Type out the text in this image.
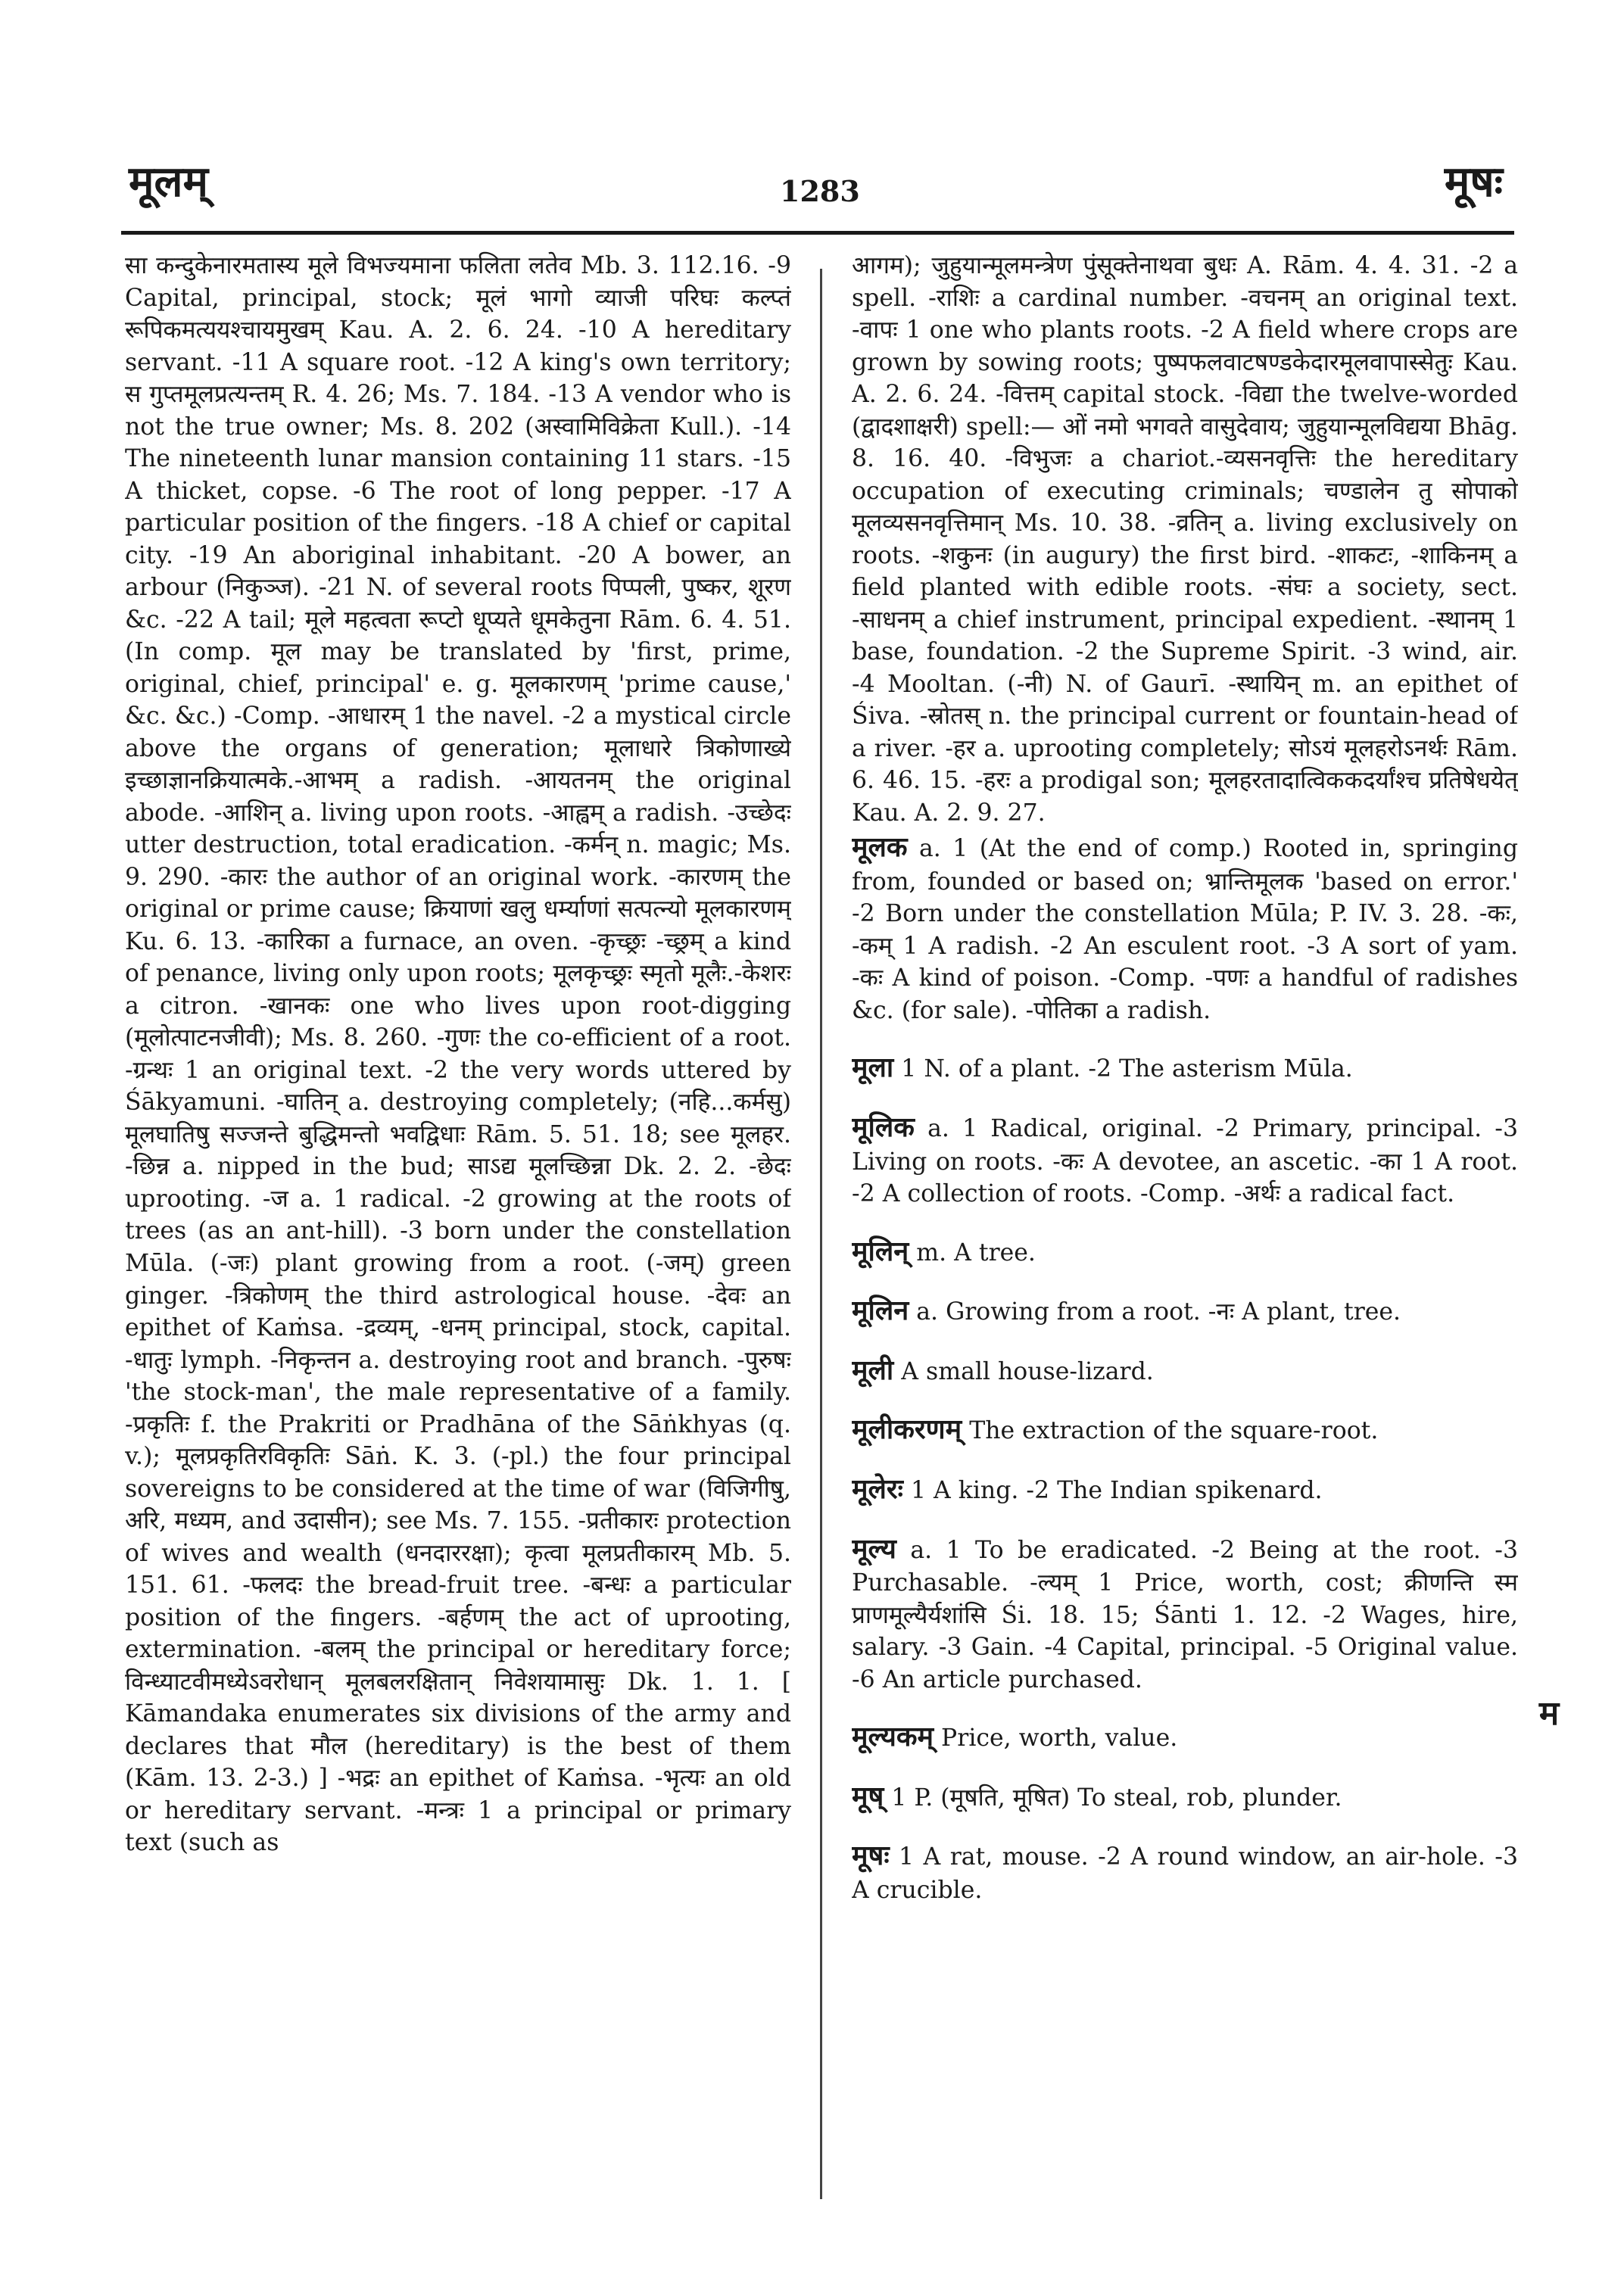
मूलम्	1283	मूषः

सा कन्दुकेनारमतास्य मूले विभज्यमाना फलिता लतेव Mb. 3. 112.16. -9 Capital, principal, stock; मूलं भागो व्याजी परिघः कल्प्तं रूपिकमत्ययश्चायमुखम् Kau. A. 2. 6. 24. -10 A hereditary servant. -11 A square root. -12 A king's own territory; स गुप्तमूलप्रत्यन्तम् R. 4. 26; Ms. 7. 184. -13 A vendor who is not the true owner; Ms. 8. 202 (अस्वामिविक्रेता Kull.). -14 The nineteenth lunar mansion containing 11 stars. -15 A thicket, copse. -6 The root of long pepper. -17 A particular position of the fingers. -18 A chief or capital city. -19 An aboriginal inhabitant. -20 A bower, an arbour (निकुञ्ज). -21 N. of several roots पिप्पली, पुष्कर, शूरण &c. -22 A tail; मूले महत्वता रूप्टो धूप्यते धूमकेतुना Rām. 6. 4. 51. (In comp. मूल may be translated by 'first, prime, original, chief, principal' e. g. मूलकारणम् 'prime cause,' &c. &c.) -Comp. -आधारम् 1 the navel. -2 a mystical circle above the organs of generation; मूलाधारे त्रिकोणाख्ये इच्छाज्ञानक्रियात्मके.-आभम् a radish. -आयतनम् the original abode. -आशिन् a. living upon roots. -आह्वम् a radish. -उच्छेदः utter destruction, total eradication. -कर्मन् n. magic; Ms. 9. 290. -कारः the author of an original work. -कारणम् the original or prime cause; क्रियाणां खलु धर्म्याणां सत्पत्न्यो मूलकारणम् Ku. 6. 13. -कारिका a furnace, an oven. -कृच्छ्रः -च्छ्रम् a kind of penance, living only upon roots; मूलकृच्छ्रः स्मृतो मूलैः.-केशरः a citron. -खानकः one who lives upon root-digging (मूलोत्पाटनजीवी); Ms. 8. 260. -गुणः the co-efficient of a root. -ग्रन्थः 1 an original text. -2 the very words uttered by Śākyamuni. -घातिन् a. destroying completely; (नहि...कर्मसु) मूलघातिषु सज्जन्ते बुद्धिमन्तो भवद्विधाः Rām. 5. 51. 18; see मूलहर. -छिन्न a. nipped in the bud; साऽद्य मूलच्छिन्ना Dk. 2. 2. -छेदः uprooting. -ज a. 1 radical. -2 growing at the roots of trees (as an ant-hill). -3 born under the constellation Mūla. (-जः) plant growing from a root. (-जम्) green ginger. -त्रिकोणम् the third astrological house. -देवः an epithet of Kaṁsa. -द्रव्यम्, -धनम् principal, stock, capital. -धातुः lymph. -निकृन्तन a. destroying root and branch. -पुरुषः 'the stock-man', the male representative of a family. -प्रकृतिः f. the Prakriti or Pradhāna of the Sāṅkhyas (q. v.); मूलप्रकृतिरविकृतिः Sāṅ. K. 3. (-pl.) the four principal sovereigns to be considered at the time of war (विजिगीषु, अरि, मध्यम, and उदासीन); see Ms. 7. 155. -प्रतीकारः protection of wives and wealth (धनदाररक्षा); कृत्वा मूलप्रतीकारम् Mb. 5. 151. 61. -फलदः the bread-fruit tree. -बन्धः a particular position of the fingers. -बर्हणम् the act of uprooting, extermination. -बलम् the principal or hereditary force; विन्ध्याटवीमध्येऽवरोधान् मूलबलरक्षितान् निवेशयामासुः Dk. 1. 1. [ Kāmandaka enumerates six divisions of the army and declares that मौल (hereditary) is the best of them (Kām. 13. 2-3.) ] -भद्रः an epithet of Kaṁsa. -भृत्यः an old or hereditary servant. -मन्त्रः 1 a principal or primary text (such as

आगम); जुहुयान्मूलमन्त्रेण पुंसूक्तेनाथवा बुधः A. Rām. 4. 4. 31. -2 a spell. -राशिः a cardinal number. -वचनम् an original text. -वापः 1 one who plants roots. -2 A field where crops are grown by sowing roots; पुष्पफलवाटषण्डकेदारमूलवापास्सेतुः Kau. A. 2. 6. 24. -वित्तम् capital stock. -विद्या the twelve-worded (द्वादशाक्षरी) spell:— ओं नमो भगवते वासुदेवाय; जुहुयान्मूलविद्यया Bhāg. 8. 16. 40. -विभुजः a chariot.-व्यसनवृत्तिः the hereditary occupation of executing criminals; चण्डालेन तु सोपाको मूलव्यसनवृत्तिमान् Ms. 10. 38. -व्रतिन् a. living exclusively on roots. -शकुनः (in augury) the first bird. -शाकटः, -शाकिनम् a field planted with edible roots. -संघः a society, sect. -साधनम् a chief instrument, principal expedient. -स्थानम् 1 base, foundation. -2 the Supreme Spirit. -3 wind, air. -4 Mooltan. (-नी) N. of Gaurī. -स्थायिन् m. an epithet of Śiva. -स्रोतस् n. the principal current or fountain-head of a river. -हर a. uprooting completely; सोऽयं मूलहरोऽनर्थः Rām. 6. 46. 15. -हरः a prodigal son; मूलहरतादात्विककदर्यांश्च प्रतिषेधयेत् Kau. A. 2. 9. 27.

मूलक a. 1 (At the end of comp.) Rooted in, springing from, founded or based on; भ्रान्तिमूलक 'based on error.' -2 Born under the constellation Mūla; P. IV. 3. 28. -कः, -कम् 1 A radish. -2 An esculent root. -3 A sort of yam. -कः A kind of poison. -Comp. -पणः a handful of radishes &c. (for sale). -पोतिका a radish.

मूला 1 N. of a plant. -2 The asterism Mūla.

मूलिक a. 1 Radical, original. -2 Primary, principal. -3 Living on roots. -कः A devotee, an ascetic. -का 1 A root. -2 A collection of roots. -Comp. -अर्थः a radical fact.

मूलिन् m. A tree.

मूलिन a. Growing from a root. -नः A plant, tree.

मूली A small house-lizard.

मूलीकरणम् The extraction of the square-root.

मूलेरः 1 A king. -2 The Indian spikenard.

मूल्य a. 1 To be eradicated. -2 Being at the root. -3 Purchasable. -ल्यम् 1 Price, worth, cost; क्रीणन्ति स्म प्राणमूल्यैर्यशांसि Śi. 18. 15; Śānti 1. 12. -2 Wages, hire, salary. -3 Gain. -4 Capital, principal. -5 Original value. -6 An article purchased.

मूल्यकम् Price, worth, value.

मूष् 1 P. (मूषति, मूषित) To steal, rob, plunder.

मूषः 1 A rat, mouse. -2 A round window, an air-hole. -3 A crucible.

म
